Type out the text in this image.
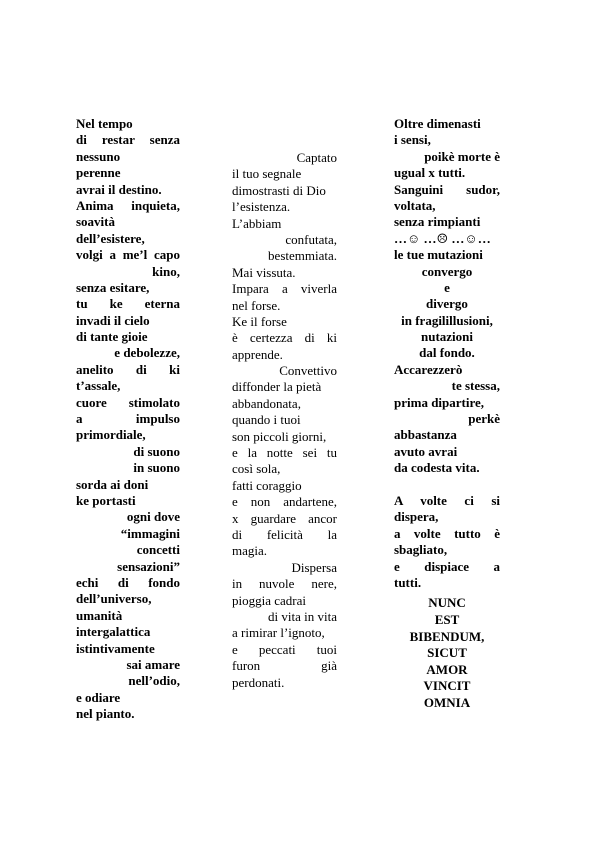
Nel tempo
di restar senza
nessuno
perenne
avrai il destino.
Anima inquieta,
soavità
dell’esistere,
volgi a me’l capo
kino,
senza esitare,
tu ke eterna
invadi il cielo
di tante gioie
e debolezze,
anelito di ki
t’assale,
cuore stimolato
a impulso
primordiale,
di suono
in suono
sorda ai doni
ke portasti
ogni dove
“immagini
concetti
sensazioni”
echi di fondo
dell’universo,
umanità
intergalattica
istintivamente
sai amare
nell’odio,
e odiare
nel pianto.
Captato
il tuo segnale
dimostrasti di Dio
l’esistenza.
L’abbiam
confutata,
bestemmiata.
Mai vissuta.
Impara a viverla
nel forse.
Ke il forse
è certezza di ki
apprende.
Convettivo
diffonder la pietà
abbandonata,
quando i tuoi
son piccoli giorni,
e la notte sei tu
così sola,
fatti coraggio
e non andartene,
x guardare ancor
di felicità la
magia.
Dispersa
in nuvole nere,
pioggia cadrai
di vita in vita
a rimirar l’ignoto,
e peccati tuoi
furon già
perdonati.
Oltre dimenasti
i sensi,
poikè morte è
ugual x tutti.
Sanguini sudor,
voltata,
senza rimpianti
…☺ …☹ …☺…
le tue mutazioni
convergo
e
divergo
in fragilillusioni,
nutazioni
dal fondo.
Accarezzerò
te stessa,
prima dipartire,
perkè
abbastanza
avuto avrai
da codesta vita.
A volte ci si
dispera,
a volte tutto è
sbagliato,
e dispiace a
tutti.
NUNC
EST
BIBENDUM,
SICUT
AMOR
VINCIT
OMNIA
